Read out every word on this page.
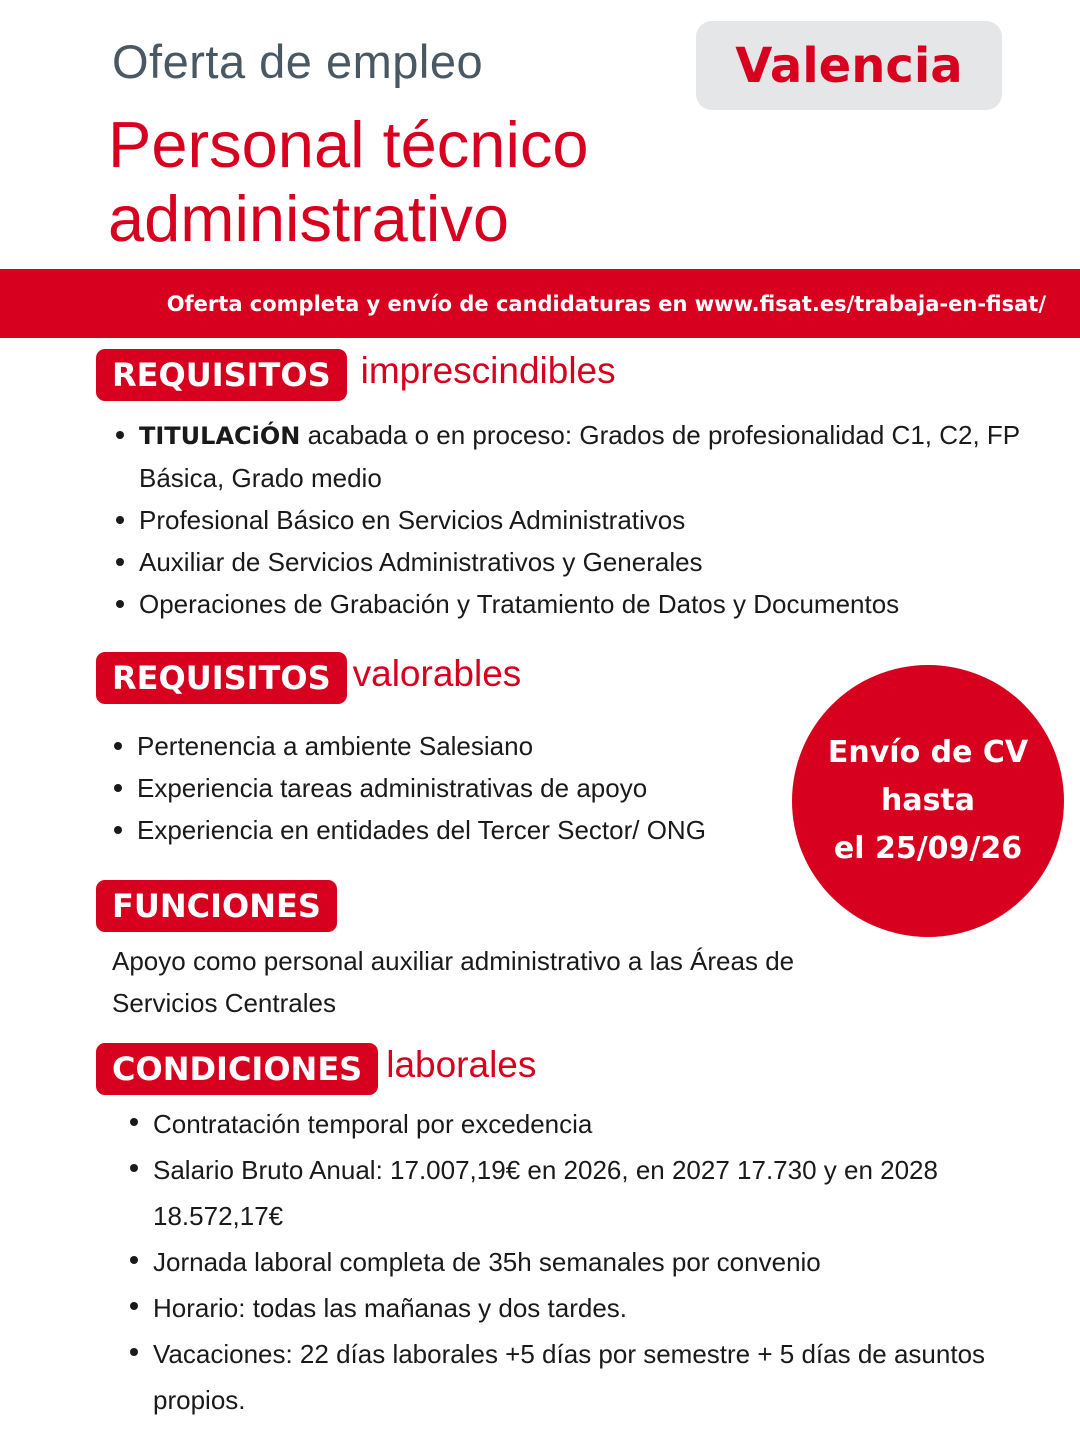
Oferta de empleo	Valencia
Personal técnico
administrativo
Oferta completa y envío de candidaturas en www.fisat.es/trabaja-en-fisat/
REQUISITOS imprescindibles
TITULACiÓN acabada o en proceso: Grados de profesionalidad C1, C2, FP Básica, Grado medio
Profesional Básico en Servicios Administrativos
Auxiliar de Servicios Administrativos y Generales
Operaciones de Grabación y Tratamiento de Datos y Documentos
REQUISITOS valorables
Pertenencia a ambiente Salesiano
Experiencia tareas administrativas de apoyo
Experiencia en entidades del Tercer Sector/ ONG
Envío de CV
hasta
el 25/09/26
FUNCIONES
Apoyo como personal auxiliar administrativo a las Áreas de
Servicios Centrales
CONDICIONES laborales
Contratación temporal por excedencia
Salario Bruto Anual: 17.007,19€ en 2026, en 2027 17.730 y en 2028 18.572,17€
Jornada laboral completa de 35h semanales por convenio
Horario: todas las mañanas y dos tardes.
Vacaciones: 22 días laborales +5 días por semestre + 5 días de asuntos propios.
